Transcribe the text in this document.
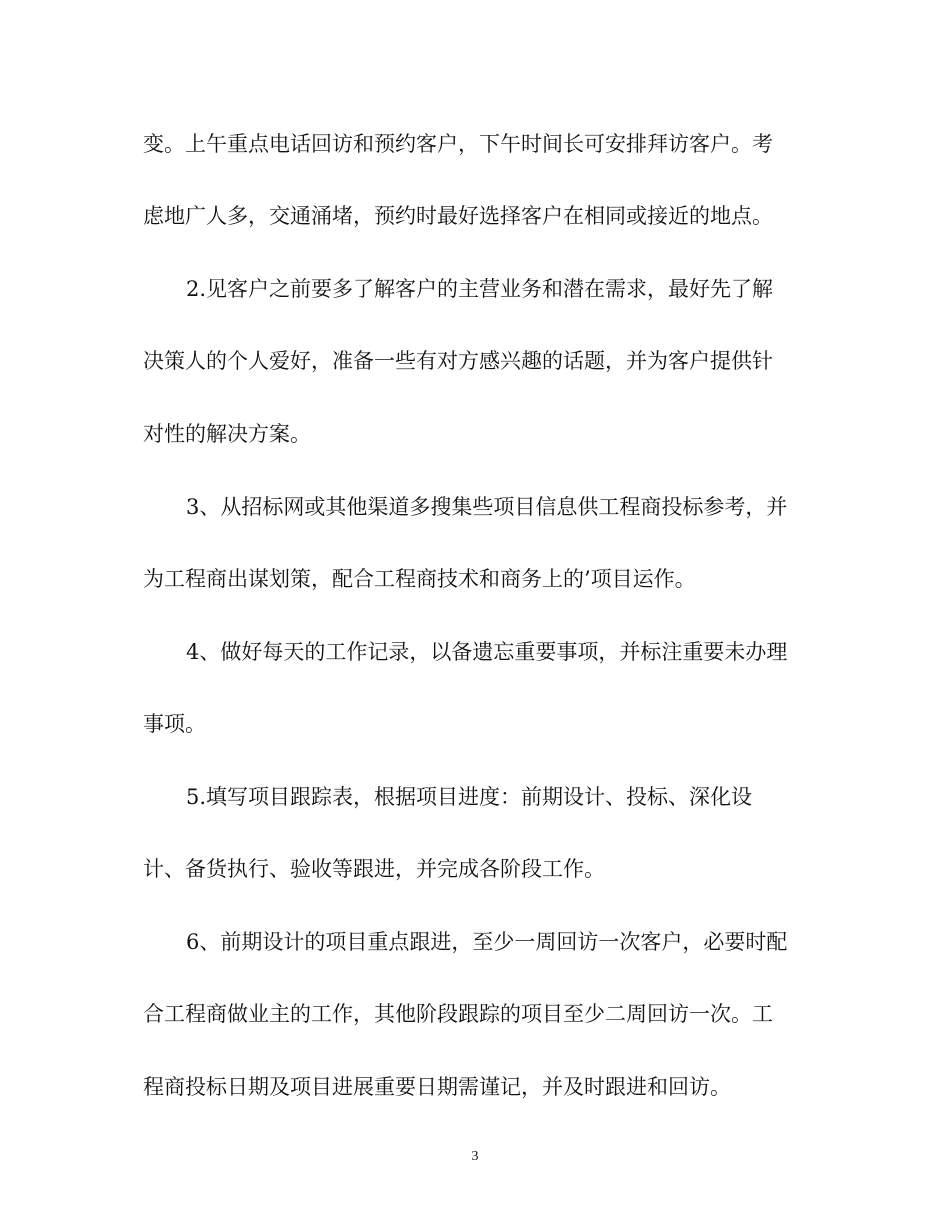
变。上午重点电话回访和预约客户，下午时间长可安排拜访客户。考
虑地广人多，交通涌堵，预约时最好选择客户在相同或接近的地点。
2.见客户之前要多了解客户的主营业务和潜在需求，最好先了解
决策人的个人爱好，准备一些有对方感兴趣的话题，并为客户提供针
对性的解决方案。
3、从招标网或其他渠道多搜集些项目信息供工程商投标参考，并
为工程商出谋划策，配合工程商技术和商务上的’项目运作。
4、做好每天的工作记录，以备遗忘重要事项，并标注重要未办理
事项。
5.填写项目跟踪表，根据项目进度：前期设计、投标、深化设
计、备货执行、验收等跟进，并完成各阶段工作。
6、前期设计的项目重点跟进，至少一周回访一次客户，必要时配
合工程商做业主的工作，其他阶段跟踪的项目至少二周回访一次。工
程商投标日期及项目进展重要日期需谨记，并及时跟进和回访。
3
